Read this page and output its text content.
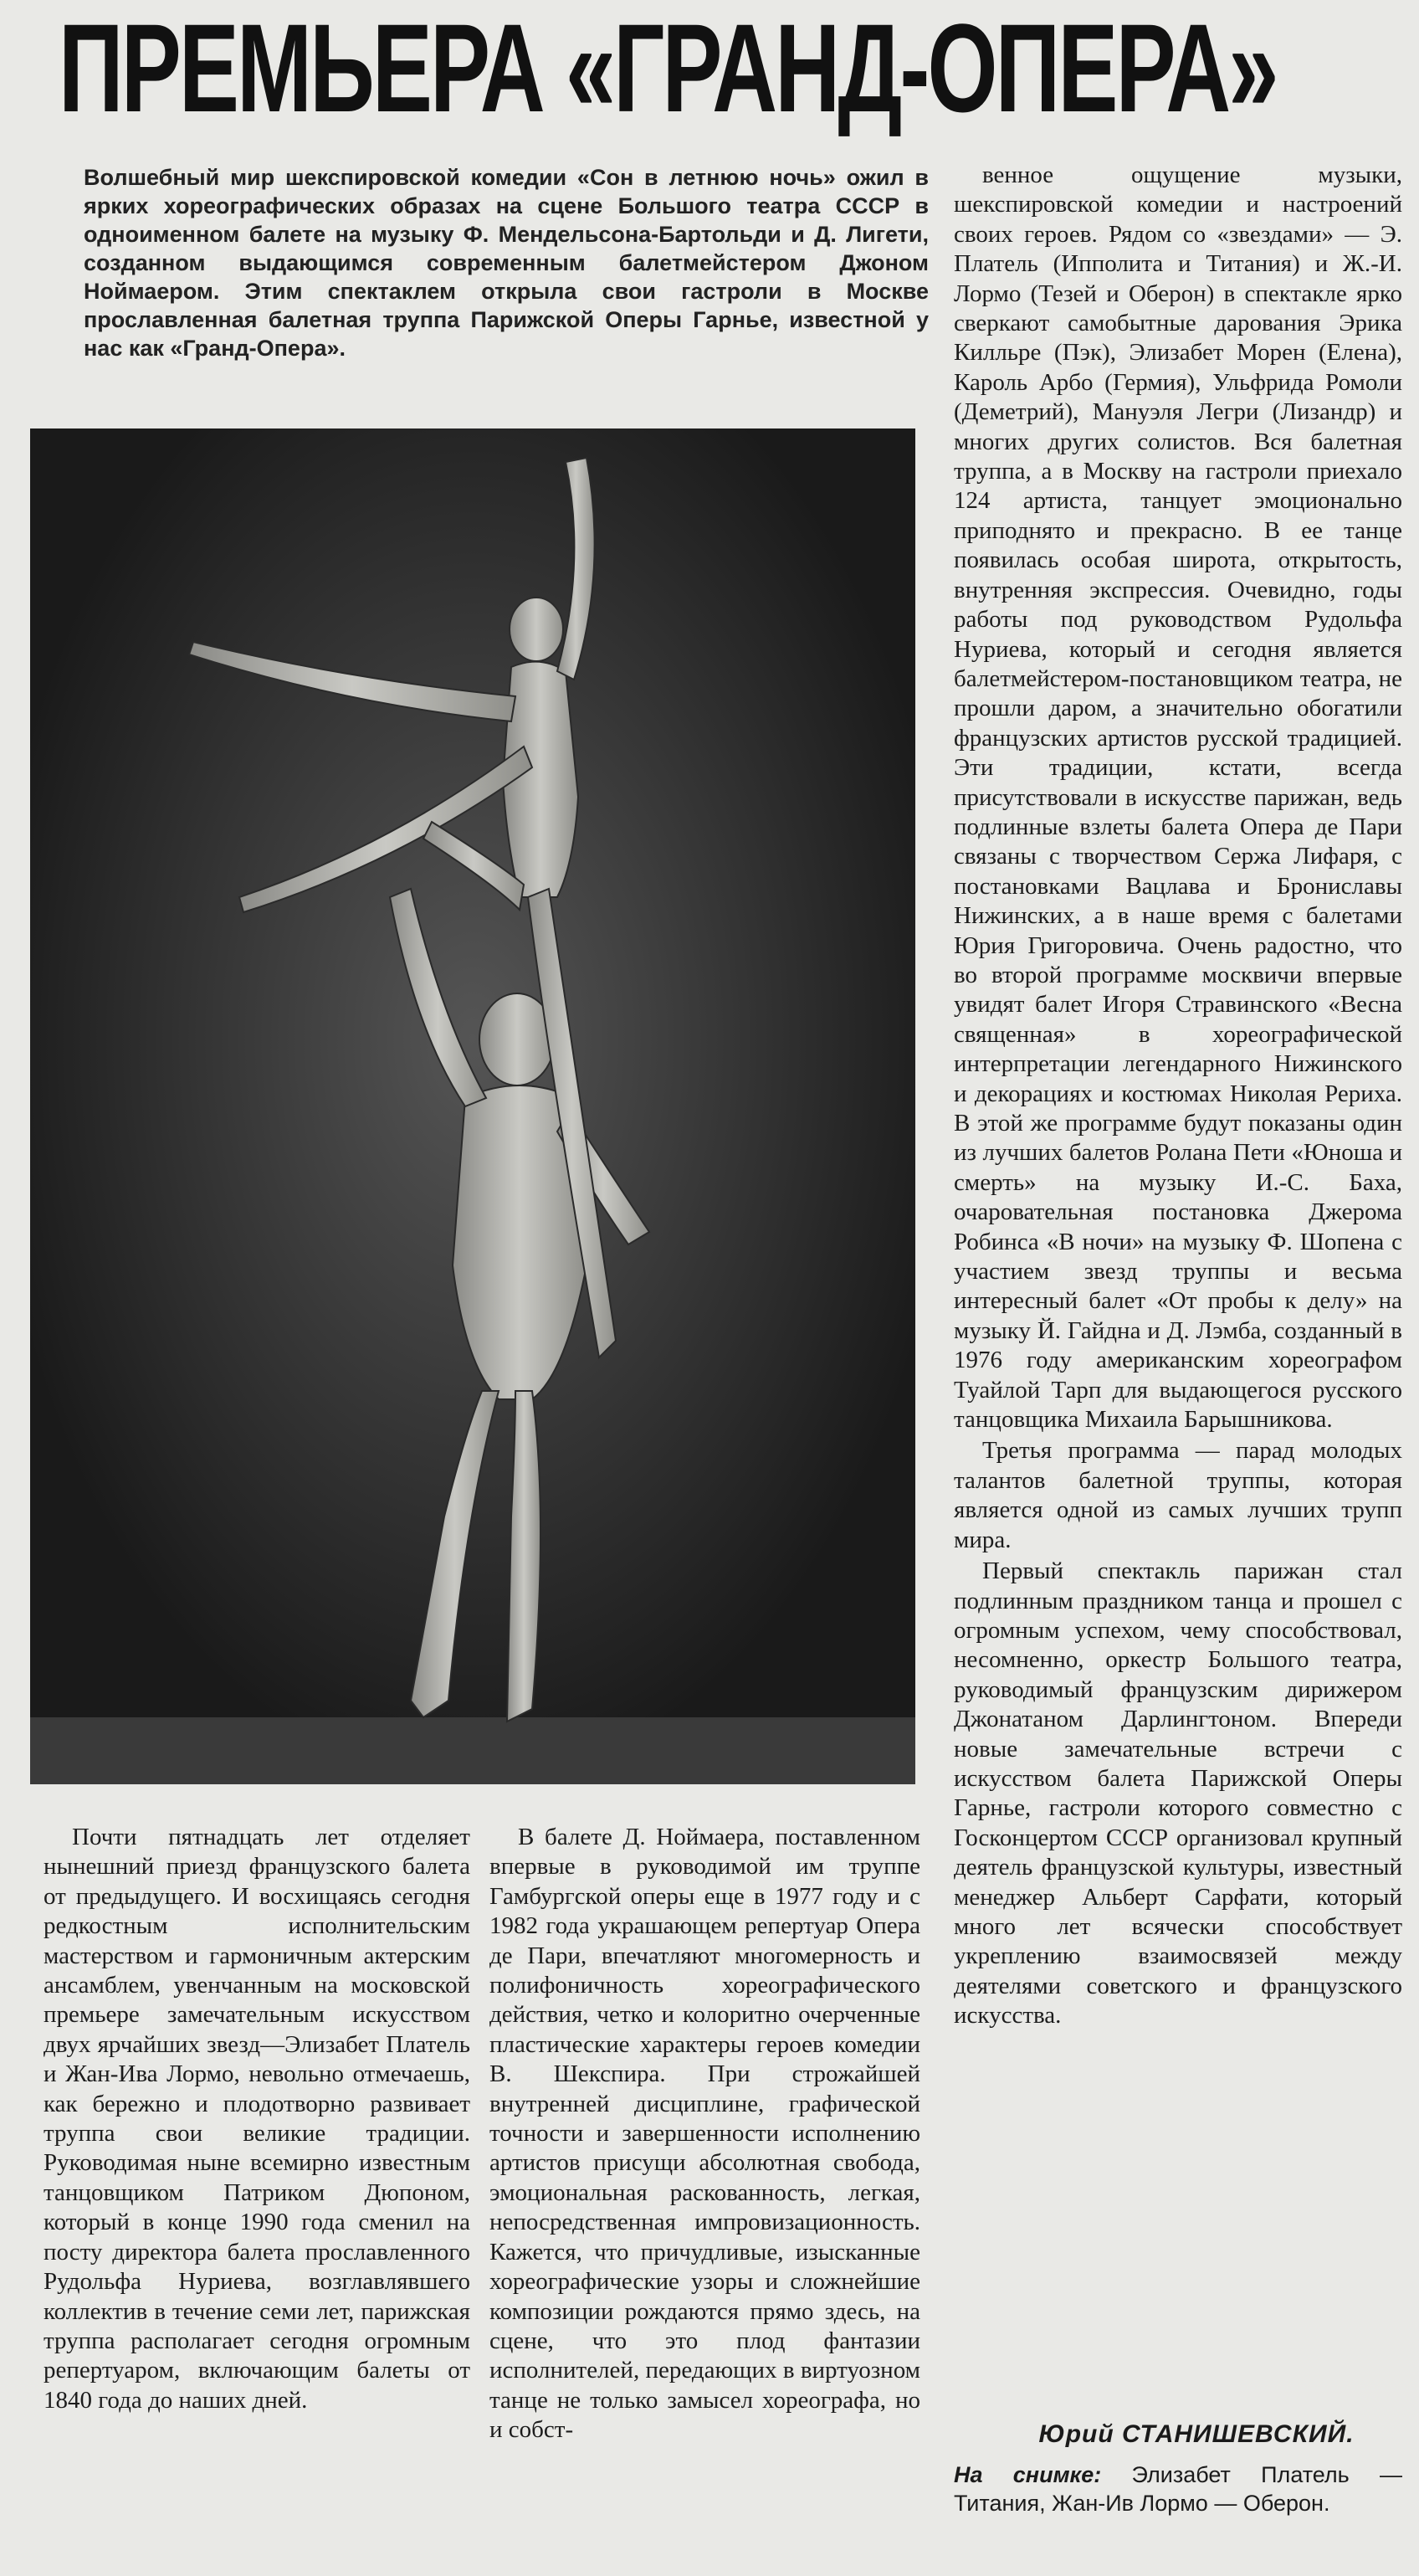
ПРЕМЬЕРА «ГРАНД-ОПЕРА»
Волшебный мир шекспировской комедии «Сон в летнюю ночь» ожил в ярких хореографических образах на сцене Большого театра СССР в одноименном балете на музыку Ф. Мендельсона-Бартольди и Д. Лигети, созданном выдающимся современным балетмейстером Джоном Ноймаером. Этим спектаклем открыла свои гастроли в Москве прославленная балетная труппа Парижской Оперы Гарнье, известной у нас как «Гранд-Опера».

Почти пятнадцать лет отделяет нынешний приезд французского балета от предыдущего. И восхищаясь сегодня редкостным исполнительским мастерством и гармоничным актерским ансамблем, увенчанным на московской премьере замечательным искусством двух ярчайших звезд—Элизабет Платель и Жан-Ива Лормо, невольно отмечаешь, как бережно и плодотворно развивает труппа свои великие традиции. Руководимая ныне всемирно известным танцовщиком Патриком Дюпоном, который в конце 1990 года сменил на посту директора балета прославленного Рудольфа Нуриева, возглавлявшего коллектив в течение семи лет, парижская труппа располагает сегодня огромным репертуаром, включающим балеты от 1840 года до наших дней.

В балете Д. Ноймаера, поставленном впервые в руководимой им труппе Гамбургской оперы еще в 1977 году и с 1982 года украшающем репертуар Опера де Пари, впечатляют многомерность и полифоничность хореографического действия, четко и колоритно очерченные пластические характеры героев комедии В. Шекспира. При строжайшей внутренней дисциплине, графической точности и завершенности исполнению артистов присущи абсолютная свобода, эмоциональная раскованность, легкая, непосредственная импровизационность. Кажется, что причудливые, изысканные хореографические узоры и сложнейшие композиции рождаются прямо здесь, на сцене, что это плод фантазии исполнителей, передающих в виртуозном танце не только замысел хореографа, но и собст-

венное ощущение музыки, шекспировской комедии и настроений своих героев. Рядом со «звездами» — Э. Платель (Ипполита и Титания) и Ж.-И. Лормо (Тезей и Оберон) в спектакле ярко сверкают самобытные дарования Эрика Килльре (Пэк), Элизабет Морен (Елена), Кароль Арбо (Гермия), Ульфрида Ромоли (Деметрий), Мануэля Легри (Лизандр) и многих других солистов. Вся балетная труппа, а в Москву на гастроли приехало 124 артиста, танцует эмоционально приподнято и прекрасно. В ее танце появилась особая широта, открытость, внутренняя экспрессия. Очевидно, годы работы под руководством Рудольфа Нуриева, который и сегодня является балетмейстером-постановщиком театра, не прошли даром, а значительно обогатили французских артистов русской традицией. Эти традиции, кстати, всегда присутствовали в искусстве парижан, ведь подлинные взлеты балета Опера де Пари связаны с творчеством Сержа Лифаря, с постановками Вацлава и Брониславы Нижинских, а в наше время с балетами Юрия Григоровича. Очень радостно, что во второй программе москвичи впервые увидят балет Игоря Стравинского «Весна священная» в хореографической интерпретации легендарного Нижинского и декорациях и костюмах Николая Рериха. В этой же программе будут показаны один из лучших балетов Ролана Пети «Юноша и смерть» на музыку И.-С. Баха, очаровательная постановка Джерома Робинса «В ночи» на музыку Ф. Шопена с участием звезд труппы и весьма интересный балет «От пробы к делу» на музыку Й. Гайдна и Д. Лэмба, созданный в 1976 году американским хореографом Туайлой Тарп для выдающегося русского танцовщика Михаила Барышникова.

Третья программа — парад молодых талантов балетной труппы, которая является одной из самых лучших трупп мира.

Первый спектакль парижан стал подлинным праздником танца и прошел с огромным успехом, чему способствовал, несомненно, оркестр Большого театра, руководимый французским дирижером Джонатаном Дарлингтоном. Впереди новые замечательные встречи с искусством балета Парижской Оперы Гарнье, гастроли которого совместно с Госконцертом СССР организовал крупный деятель французской культуры, известный менеджер Альберт Сарфати, который много лет всячески способствует укреплению взаимосвязей между деятелями советского и французского искусства.

Юрий СТАНИШЕВСКИЙ.
На снимке: Элизабет Платель — Титания, Жан-Ив Лормо — Оберон.
